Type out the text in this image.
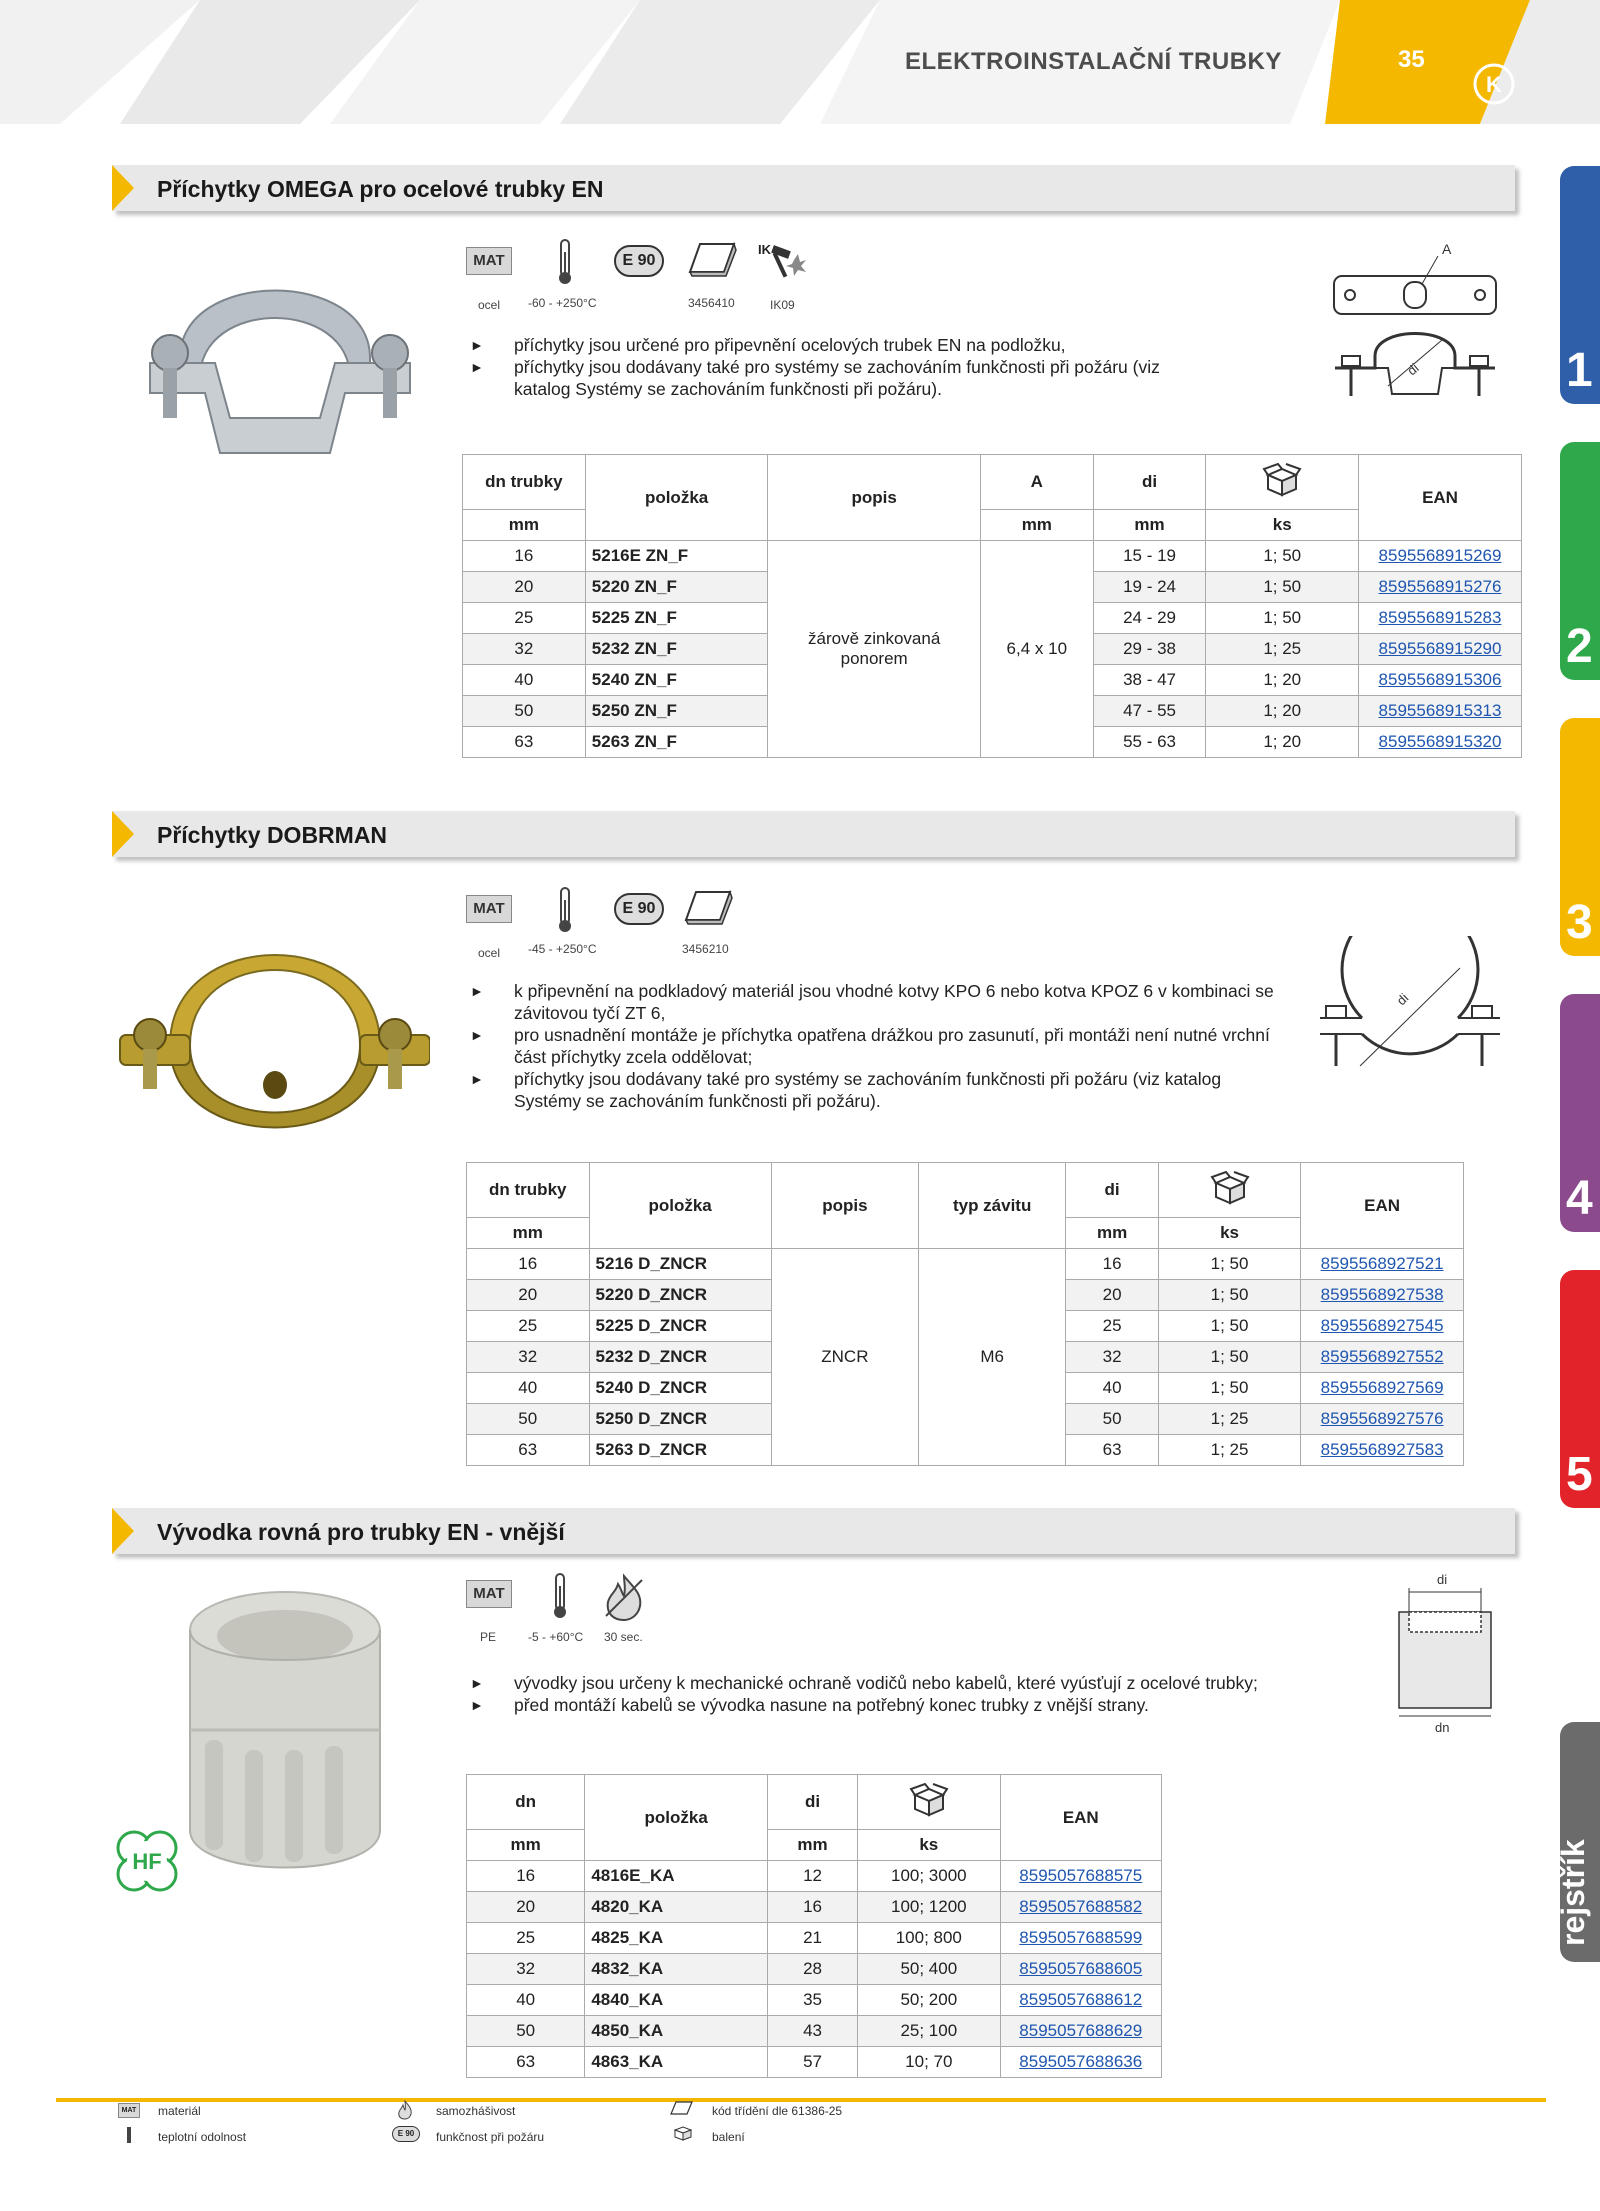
ELEKTROINSTALAČNÍ TRUBKY	35
K
1
2
3
4
5
rejstřík
Příchytky OMEGA pro ocelové trubky EN
MAT
ocel -60 - +250°C
E 90
3456410
IK
IK09
A
di
► příchytky jsou určené pro připevnění ocelových trubek EN na podložku,
► příchytky jsou dodávany také pro systémy se zachováním funkčnosti při požáru (viz katalog Systémy se zachováním funkčnosti při požáru).
dn trubky	položka	popis	A	di		EAN
mm			mm	mm	ks	
16	5216E ZN_F	žárově zinkovaná ponorem	6,4 x 10	15 - 19	1; 50	8595568915269
20	5220 ZN_F			19 - 24	1; 50	8595568915276
25	5225 ZN_F			24 - 29	1; 50	8595568915283
32	5232 ZN_F			29 - 38	1; 25	8595568915290
40	5240 ZN_F			38 - 47	1; 20	8595568915306
50	5250 ZN_F			47 - 55	1; 20	8595568915313
63	5263 ZN_F			55 - 63	1; 20	8595568915320
Příchytky DOBRMAN
MAT
ocel -45 - +250°C
E 90
3456210
di
► k připevnění na podkladový materiál jsou vhodné kotvy KPO 6 nebo kotva KPOZ 6 v kombinaci se závitovou tyčí ZT 6,
► pro usnadnění montáže je příchytka opatřena drážkou pro zasunutí, při montáži není nutné vrchní část příchytky zcela oddělovat;
► příchytky jsou dodávany také pro systémy se zachováním funkčnosti při požáru (viz katalog Systémy se zachováním funkčnosti při požáru).
dn trubky	položka	popis	typ závitu	di		EAN
mm				mm	ks	
16	5216 D_ZNCR	ZNCR	M6	16	1; 50	8595568927521
20	5220 D_ZNCR			20	1; 50	8595568927538
25	5225 D_ZNCR			25	1; 50	8595568927545
32	5232 D_ZNCR			32	1; 50	8595568927552
40	5240 D_ZNCR			40	1; 50	8595568927569
50	5250 D_ZNCR			50	1; 25	8595568927576
63	5263 D_ZNCR			63	1; 25	8595568927583
Vývodka rovná pro trubky EN - vnější
HF
MAT
PE	-5 - +60°C 30 sec.
di
dn
► vývodky jsou určeny k mechanické ochraně vodičů nebo kabelů, které vyúsťují z ocelové trubky;
► před montáží kabelů se vývodka nasune na potřebný konec trubky z vnější strany.
dn	položka	di		EAN
mm		mm	ks	
16	4816E_KA	12	100; 3000	8595057688575
20	4820_KA	16	100; 1200	8595057688582
25	4825_KA	21	100; 800	8595057688599
32	4832_KA	28	50; 400	8595057688605
40	4840_KA	35	50; 200	8595057688612
50	4850_KA	43	25; 100	8595057688629
63	4863_KA	57	10; 70	8595057688636
MAT	materiál
teplotní odolnost
samozhášivost
E 90	funkčnost při požáru
kód třídění dle 61386-25
balení
